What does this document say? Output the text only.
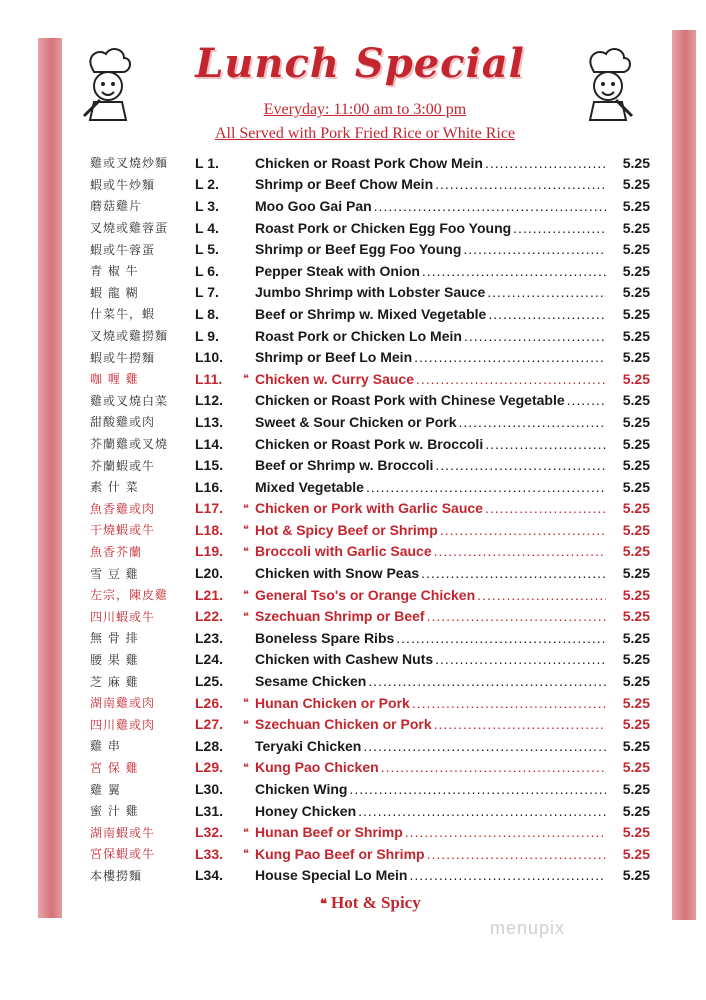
Lunch Special
Everyday: 11:00 am to 3:00 pm
All Served with Pork Fried Rice or White Rice
雞或叉燒炒麵	L 1.	Chicken or Roast Pork Chow Mein .....	5.25
蝦或牛炒麵	L 2.	Shrimp or Beef Chow Mein .....	5.25
蘑菇雞片	L 3.	Moo Goo Gai Pan .....	5.25
叉燒或雞蓉蛋	L 4.	Roast Pork or Chicken Egg Foo Young .....	5.25
蝦或牛蓉蛋	L 5.	Shrimp or Beef Egg Foo Young .....	5.25
青 椒 牛	L 6.	Pepper Steak with Onion .....	5.25
蝦 龍 糊	L 7.	Jumbo Shrimp with Lobster Sauce .....	5.25
什菜牛，蝦	L 8.	Beef or Shrimp w. Mixed Vegetable .....	5.25
叉燒或雞撈麵	L 9.	Roast Pork or Chicken Lo Mein .....	5.25
蝦或牛撈麵	L10.	Shrimp or Beef Lo Mein .....	5.25
咖 喱 雞	L11.	❝ Chicken w. Curry Sauce .....	5.25
雞或叉燒白菜	L12.	Chicken or Roast Pork with Chinese Vegetable .....	5.25
甜酸雞或肉	L13.	Sweet & Sour Chicken or Pork .....	5.25
芥蘭雞或叉燒	L14.	Chicken or Roast Pork w. Broccoli .....	5.25
芥蘭蝦或牛	L15.	Beef or Shrimp w. Broccoli .....	5.25
素 什 菜	L16.	Mixed Vegetable .....	5.25
魚香雞或肉	L17.	❝ Chicken or Pork with Garlic Sauce .....	5.25
干燒蝦或牛	L18.	❝ Hot & Spicy Beef or Shrimp .....	5.25
魚香芥蘭	L19.	❝ Broccoli with Garlic Sauce .....	5.25
雪 豆 雞	L20.	Chicken with Snow Peas .....	5.25
左宗，陳皮雞	L21.	❝ General Tso's or Orange Chicken .....	5.25
四川蝦或牛	L22.	❝ Szechuan Shrimp or Beef .....	5.25
無 骨 排	L23.	Boneless Spare Ribs .....	5.25
腰 果 雞	L24.	Chicken with Cashew Nuts .....	5.25
芝 麻 雞	L25.	Sesame Chicken .....	5.25
湖南雞或肉	L26.	❝ Hunan Chicken or Pork .....	5.25
四川雞或肉	L27.	❝ Szechuan Chicken or Pork .....	5.25
雞 串	L28.	Teryaki Chicken .....	5.25
宮 保 雞	L29.	❝ Kung Pao Chicken .....	5.25
雞 翼	L30.	Chicken Wing .....	5.25
蜜 汁 雞	L31.	Honey Chicken .....	5.25
湖南蝦或牛	L32.	❝ Hunan Beef or Shrimp .....	5.25
宮保蝦或牛	L33.	❝ Kung Pao Beef or Shrimp .....	5.25
本樓撈麵	L34.	House Special Lo Mein .....	5.25
❝ Hot & Spicy
menupix
